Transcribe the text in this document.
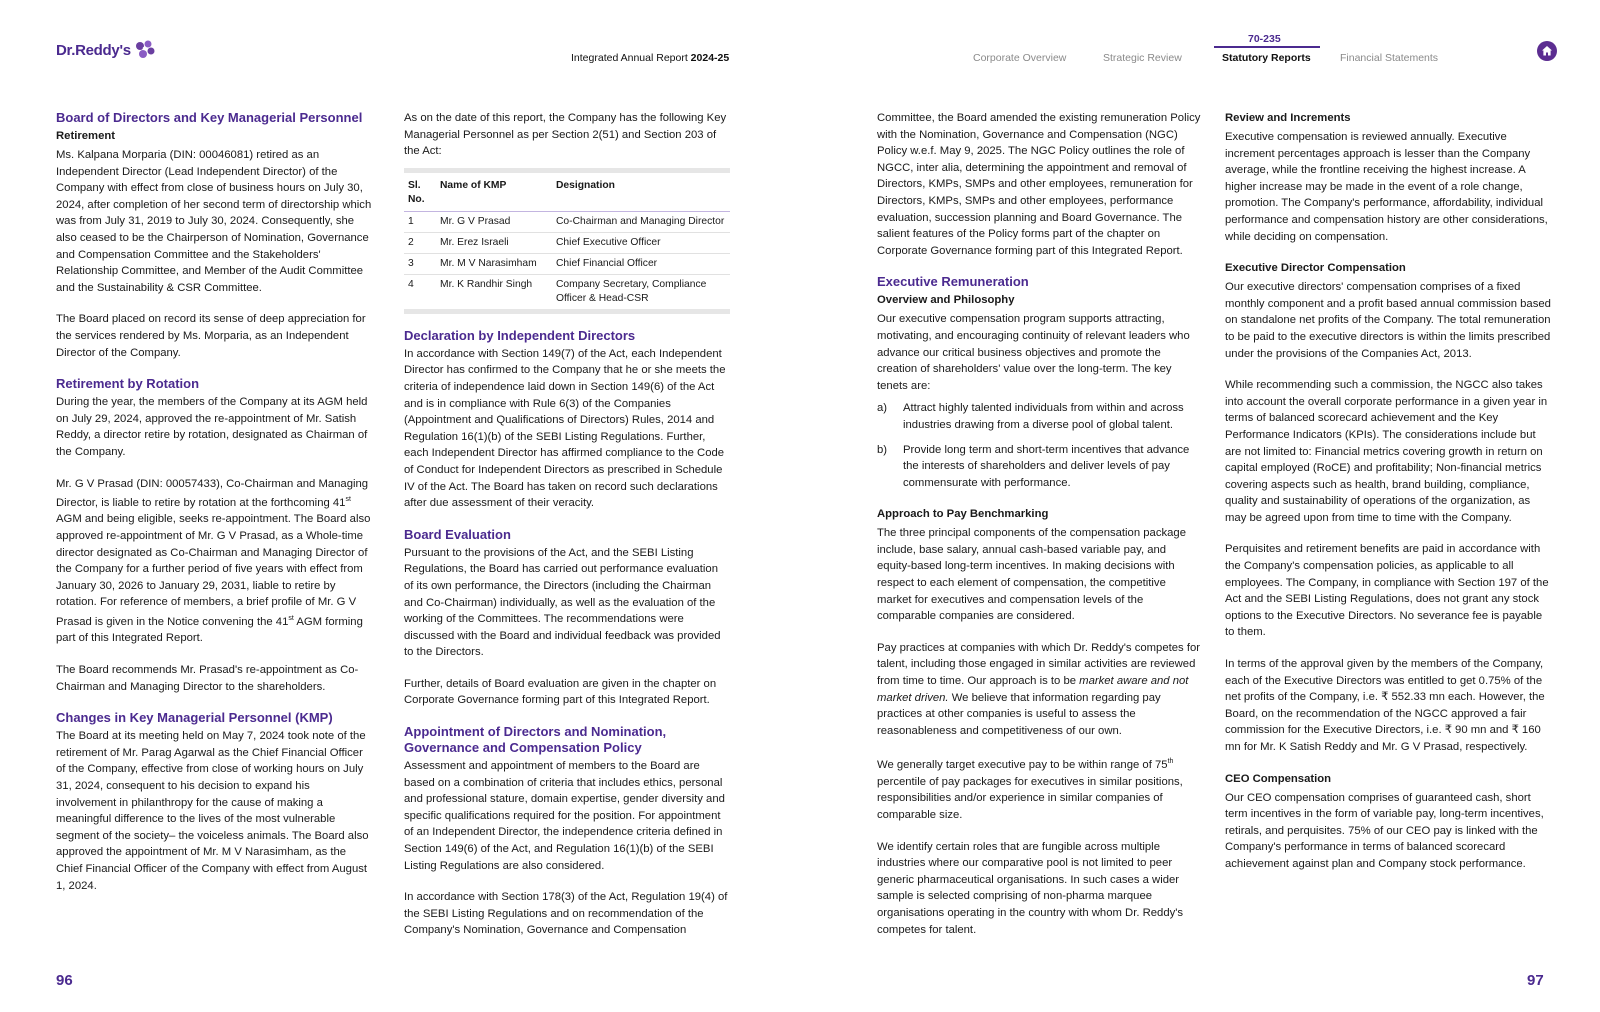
Dr.Reddy's	Integrated Annual Report 2024-25
70-235
Corporate Overview	Strategic Review	Statutory Reports	Financial Statements
Board of Directors and Key Managerial Personnel
Retirement

Ms. Kalpana Morparia (DIN: 00046081) retired as an Independent Director (Lead Independent Director) of the Company with effect from close of business hours on July 30, 2024, after completion of her second term of directorship which was from July 31, 2019 to July 30, 2024. Consequently, she also ceased to be the Chairperson of Nomination, Governance and Compensation Committee and the Stakeholders' Relationship Committee, and Member of the Audit Committee and the Sustainability & CSR Committee.

The Board placed on record its sense of deep appreciation for the services rendered by Ms. Morparia, as an Independent Director of the Company.

Retirement by Rotation

During the year, the members of the Company at its AGM held on July 29, 2024, approved the re-appointment of Mr. Satish Reddy, a director retire by rotation, designated as Chairman of the Company.

Mr. G V Prasad (DIN: 00057433), Co-Chairman and Managing Director, is liable to retire by rotation at the forthcoming 41st AGM and being eligible, seeks re-appointment. The Board also approved re-appointment of Mr. G V Prasad, as a Whole-time director designated as Co-Chairman and Managing Director of the Company for a further period of five years with effect from January 30, 2026 to January 29, 2031, liable to retire by rotation. For reference of members, a brief profile of Mr. G V Prasad is given in the Notice convening the 41st AGM forming part of this Integrated Report.

The Board recommends Mr. Prasad's re-appointment as Co-Chairman and Managing Director to the shareholders.

Changes in Key Managerial Personnel (KMP)

The Board at its meeting held on May 7, 2024 took note of the retirement of Mr. Parag Agarwal as the Chief Financial Officer of the Company, effective from close of working hours on July 31, 2024, consequent to his decision to expand his involvement in philanthropy for the cause of making a meaningful difference to the lives of the most vulnerable segment of the society– the voiceless animals. The Board also approved the appointment of Mr. M V Narasimham, as the Chief Financial Officer of the Company with effect from August 1, 2024.

As on the date of this report, the Company has the following Key Managerial Personnel as per Section 2(51) and Section 203 of the Act:

Sl. No.	Name of KMP	Designation
1	Mr. G V Prasad	Co-Chairman and Managing Director
2	Mr. Erez Israeli	Chief Executive Officer
3	Mr. M V Narasimham	Chief Financial Officer
4	Mr. K Randhir Singh	Company Secretary, Compliance Officer & Head-CSR
Declaration by Independent Directors

In accordance with Section 149(7) of the Act, each Independent Director has confirmed to the Company that he or she meets the criteria of independence laid down in Section 149(6) of the Act and is in compliance with Rule 6(3) of the Companies (Appointment and Qualifications of Directors) Rules, 2014 and Regulation 16(1)(b) of the SEBI Listing Regulations. Further, each Independent Director has affirmed compliance to the Code of Conduct for Independent Directors as prescribed in Schedule IV of the Act. The Board has taken on record such declarations after due assessment of their veracity.

Board Evaluation

Pursuant to the provisions of the Act, and the SEBI Listing Regulations, the Board has carried out performance evaluation of its own performance, the Directors (including the Chairman and Co-Chairman) individually, as well as the evaluation of the working of the Committees. The recommendations were discussed with the Board and individual feedback was provided to the Directors.

Further, details of Board evaluation are given in the chapter on Corporate Governance forming part of this Integrated Report.

Appointment of Directors and Nomination, Governance and Compensation Policy

Assessment and appointment of members to the Board are based on a combination of criteria that includes ethics, personal and professional stature, domain expertise, gender diversity and specific qualifications required for the position. For appointment of an Independent Director, the independence criteria defined in Section 149(6) of the Act, and Regulation 16(1)(b) of the SEBI Listing Regulations are also considered.

In accordance with Section 178(3) of the Act, Regulation 19(4) of the SEBI Listing Regulations and on recommendation of the Company's Nomination, Governance and Compensation

Committee, the Board amended the existing remuneration Policy with the Nomination, Governance and Compensation (NGC) Policy w.e.f. May 9, 2025. The NGC Policy outlines the role of NGCC, inter alia, determining the appointment and removal of Directors, KMPs, SMPs and other employees, remuneration for Directors, KMPs, SMPs and other employees, performance evaluation, succession planning and Board Governance. The salient features of the Policy forms part of the chapter on Corporate Governance forming part of this Integrated Report.

Executive Remuneration
Overview and Philosophy

Our executive compensation program supports attracting, motivating, and encouraging continuity of relevant leaders who advance our critical business objectives and promote the creation of shareholders' value over the long-term. The key tenets are:

a)	Attract highly talented individuals from within and across industries drawing from a diverse pool of global talent.
b)	Provide long term and short-term incentives that advance the interests of shareholders and deliver levels of pay commensurate with performance.
Approach to Pay Benchmarking

The three principal components of the compensation package include, base salary, annual cash-based variable pay, and equity-based long-term incentives. In making decisions with respect to each element of compensation, the competitive market for executives and compensation levels of the comparable companies are considered.

Pay practices at companies with which Dr. Reddy's competes for talent, including those engaged in similar activities are reviewed from time to time. Our approach is to be market aware and not market driven. We believe that information regarding pay practices at other companies is useful to assess the reasonableness and competitiveness of our own.

We generally target executive pay to be within range of 75th percentile of pay packages for executives in similar positions, responsibilities and/or experience in similar companies of comparable size.

We identify certain roles that are fungible across multiple industries where our comparative pool is not limited to peer generic pharmaceutical organisations. In such cases a wider sample is selected comprising of non-pharma marquee organisations operating in the country with whom Dr. Reddy's competes for talent.

Review and Increments

Executive compensation is reviewed annually. Executive increment percentages approach is lesser than the Company average, while the frontline receiving the highest increase. A higher increase may be made in the event of a role change, promotion. The Company's performance, affordability, individual performance and compensation history are other considerations, while deciding on compensation.

Executive Director Compensation

Our executive directors' compensation comprises of a fixed monthly component and a profit based annual commission based on standalone net profits of the Company. The total remuneration to be paid to the executive directors is within the limits prescribed under the provisions of the Companies Act, 2013.

While recommending such a commission, the NGCC also takes into account the overall corporate performance in a given year in terms of balanced scorecard achievement and the Key Performance Indicators (KPIs). The considerations include but are not limited to: Financial metrics covering growth in return on capital employed (RoCE) and profitability; Non-financial metrics covering aspects such as health, brand building, compliance, quality and sustainability of operations of the organization, as may be agreed upon from time to time with the Company.

Perquisites and retirement benefits are paid in accordance with the Company's compensation policies, as applicable to all employees. The Company, in compliance with Section 197 of the Act and the SEBI Listing Regulations, does not grant any stock options to the Executive Directors. No severance fee is payable to them.

In terms of the approval given by the members of the Company, each of the Executive Directors was entitled to get 0.75% of the net profits of the Company, i.e. ₹ 552.33 mn each. However, the Board, on the recommendation of the NGCC approved a fair commission for the Executive Directors, i.e. ₹ 90 mn and ₹ 160 mn for Mr. K Satish Reddy and Mr. G V Prasad, respectively.

CEO Compensation

Our CEO compensation comprises of guaranteed cash, short term incentives in the form of variable pay, long-term incentives, retirals, and perquisites. 75% of our CEO pay is linked with the Company's performance in terms of balanced scorecard achievement against plan and Company stock performance.

96	97
